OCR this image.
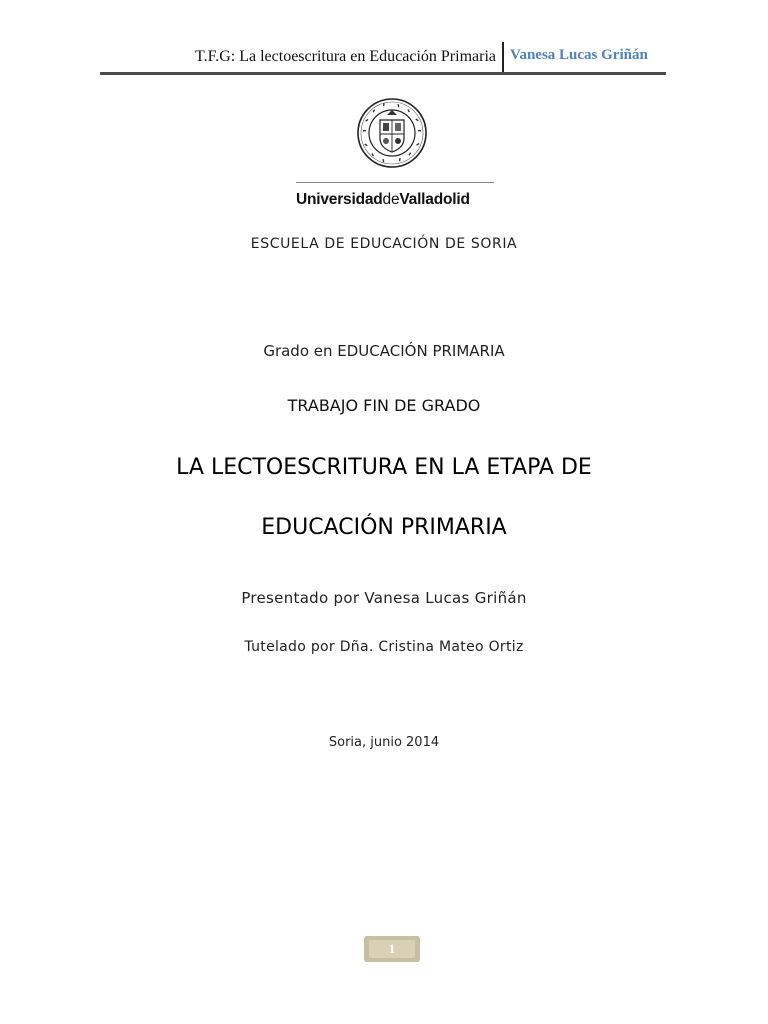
T.F.G: La lectoescritura en Educación Primaria Vanesa Lucas Griñán
UniversidaddeValladolid
ESCUELA DE EDUCACIÓN DE SORIA
Grado en EDUCACIÓN PRIMARIA
TRABAJO FIN DE GRADO
LA LECTOESCRITURA EN LA ETAPA DE
EDUCACIÓN PRIMARIA
Presentado por Vanesa Lucas Griñán
Tutelado por Dña. Cristina Mateo Ortiz
Soria, junio 2014
1
